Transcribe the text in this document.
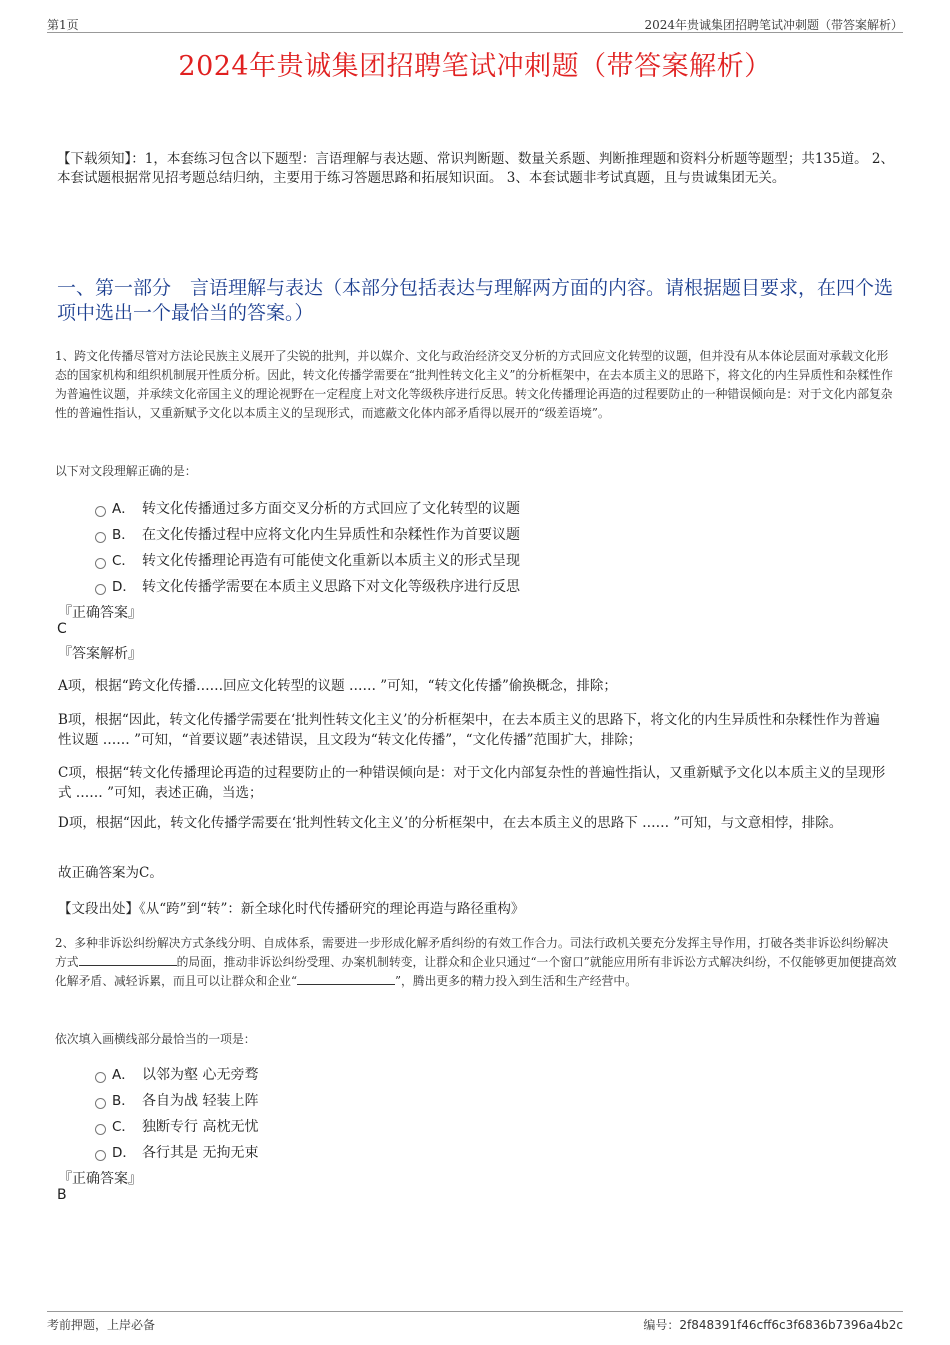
第1页	2024年贵诚集团招聘笔试冲刺题（带答案解析）
2024年贵诚集团招聘笔试冲刺题（带答案解析）
【下载须知】：1，本套练习包含以下题型：言语理解与表达题、常识判断题、数量关系题、判断推理题和资料分析题等题型；共135道。 2、本套试题根据常见招考题总结归纳，主要用于练习答题思路和拓展知识面。 3、本套试题非考试真题，且与贵诚集团无关。
一、第一部分　言语理解与表达（本部分包括表达与理解两方面的内容。请根据题目要求，在四个选项中选出一个最恰当的答案。）
1、跨文化传播尽管对方法论民族主义展开了尖锐的批判，并以媒介、文化与政治经济交叉分析的方式回应文化转型的议题，但并没有从本体论层面对承载文化形态的国家机构和组织机制展开性质分析。因此，转文化传播学需要在“批判性转文化主义”的分析框架中，在去本质主义的思路下，将文化的内生异质性和杂糅性作为普遍性议题，并承续文化帝国主义的理论视野在一定程度上对文化等级秩序进行反思。转文化传播理论再造的过程要防止的一种错误倾向是：对于文化内部复杂性的普遍性指认，又重新赋予文化以本质主义的呈现形式，而遮蔽文化体内部矛盾得以展开的“级差语境”。
以下对文段理解正确的是：
A． 转文化传播通过多方面交叉分析的方式回应了文化转型的议题
B． 在文化传播过程中应将文化内生异质性和杂糅性作为首要议题
C． 转文化传播理论再造有可能使文化重新以本质主义的形式呈现
D． 转文化传播学需要在本质主义思路下对文化等级秩序进行反思
『正确答案』
C
『答案解析』
A项，根据“跨文化传播……回应文化转型的议题 …… ”可知，“转文化传播”偷换概念，排除；
B项，根据“因此，转文化传播学需要在‘批判性转文化主义’的分析框架中，在去本质主义的思路下，将文化的内生异质性和杂糅性作为普遍性议题 …… ”可知，“首要议题”表述错误，且文段为“转文化传播”，“文化传播”范围扩大，排除；
C项，根据“转文化传播理论再造的过程要防止的一种错误倾向是：对于文化内部复杂性的普遍性指认，又重新赋予文化以本质主义的呈现形式 …… ”可知，表述正确，当选；
D项，根据“因此，转文化传播学需要在‘批判性转文化主义’的分析框架中，在去本质主义的思路下 …… ”可知，与文意相悖，排除。
故正确答案为C。
【文段出处】《从“跨”到“转”：新全球化时代传播研究的理论再造与路径重构》
2、多种非诉讼纠纷解决方式条线分明、自成体系，需要进一步形成化解矛盾纠纷的有效工作合力。司法行政机关要充分发挥主导作用，打破各类非诉讼纠纷解决方式	的局面，推动非诉讼纠纷受理、办案机制转变，让群众和企业只通过“一个窗口”就能应用所有非诉讼方式解决纠纷，不仅能够更加便捷高效化解矛盾、减轻诉累，而且可以让群众和企业“	”，腾出更多的精力投入到生活和生产经营中。
依次填入画横线部分最恰当的一项是：
A． 以邻为壑 心无旁骛
B． 各自为战 轻装上阵
C． 独断专行 高枕无忧
D． 各行其是 无拘无束
『正确答案』
B
考前押题，上岸必备	编号：2f848391f46cff6c3f6836b7396a4b2c
